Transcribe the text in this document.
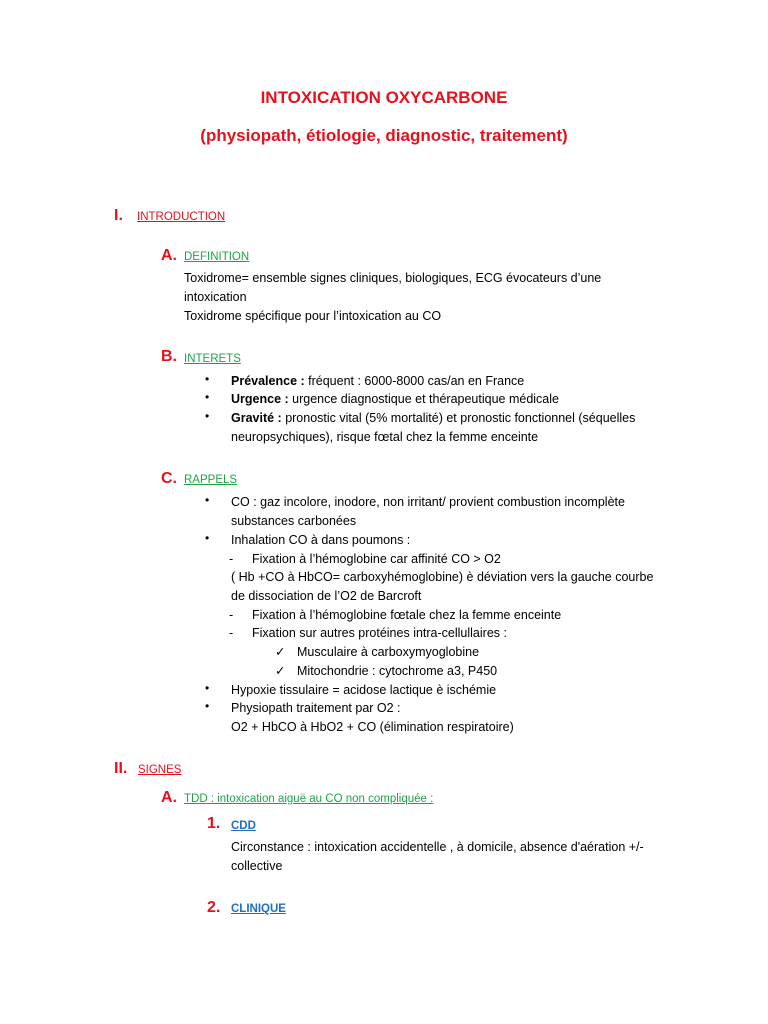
INTOXICATION OXYCARBONE
(physiopath, étiologie, diagnostic, traitement)
I. INTRODUCTION
A. DEFINITION
Toxidrome= ensemble signes cliniques, biologiques, ECG évocateurs d’une
intoxication
Toxidrome spécifique pour l’intoxication au CO
B. INTERETS
• Prévalence : fréquent : 6000-8000 cas/an en France
• Urgence : urgence diagnostique et thérapeutique médicale
• Gravité : pronostic vital (5% mortalité) et pronostic fonctionnel (séquelles
neuropsychiques), risque fœtal chez la femme enceinte
C. RAPPELS
• CO : gaz incolore, inodore, non irritant/ provient combustion incomplète
substances carbonées
• Inhalation CO à dans poumons :
- Fixation à l’hémoglobine car affinité CO > O2
( Hb +CO à HbCO= carboxyhémoglobine) è déviation vers la gauche courbe
de dissociation de l’O2 de Barcroft
- Fixation à l’hémoglobine fœtale chez la femme enceinte
- Fixation sur autres protéines intra-cellullaires :
✓ Musculaire à carboxymyoglobine
✓ Mitochondrie : cytochrome a3, P450
• Hypoxie tissulaire = acidose lactique è ischémie
• Physiopath traitement par O2 :
O2 + HbCO à HbO2 + CO (élimination respiratoire)
II. SIGNES
A. TDD : intoxication aiguë au CO non compliquée :
1. CDD
Circonstance : intoxication accidentelle , à domicile, absence d'aération +/-
collective
2. CLINIQUE
